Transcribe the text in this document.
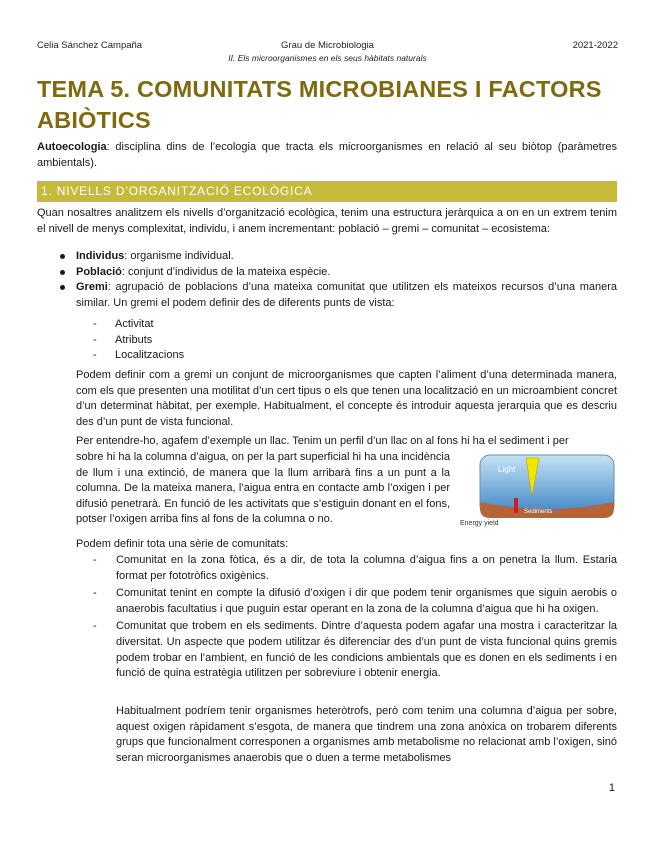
Celia Sánchez Campaña	Grau de Microbiologia	2021-2022
II. Els microorganismes en els seus hàbitats naturals
TEMA 5. COMUNITATS MICROBIANES I FACTORS ABIÒTICS
Autoecologia: disciplina dins de l’ecologia que tracta els microorganismes en relació al seu biòtop (paràmetres ambientals).
1. NIVELLS D’ORGANITZACIÓ ECOLÒGICA
Quan nosaltres analitzem els nivells d’organització ecològica, tenim una estructura jeràrquica a on en un extrem tenim el nivell de menys complexitat, individu, i anem incrementant: població – gremi – comunitat – ecosistema:
Individus: organisme individual.
Població: conjunt d’individus de la mateixa espècie.
Gremi: agrupació de poblacions d’una mateixa comunitat que utilitzen els mateixos recursos d’una manera similar. Un gremi el podem definir des de diferents punts de vista:
- Activitat
- Atributs
- Localitzacions
Podem definir com a gremi un conjunt de microorganismes que capten l’aliment d’una determinada manera, com els que presenten una motilitat d’un cert tipus o els que tenen una localització en un microambient concret d’un determinat hàbitat, per exemple. Habitualment, el concepte és introduir aquesta jerarquia que es descriu des d’un punt de vista funcional.
Per entendre-ho, agafem d’exemple un llac. Tenim un perfil d’un llac on al fons hi ha el sediment i per
sobre hi ha la columna d’aigua, on per la part superficial hi ha una incidència de llum i una extinció, de manera que la llum arribarà fins a un punt a la columna. De la mateixa manera, l’aigua entra en contacte amb l’oxigen i per difusió penetrarà. En funció de les activitats que s’estiguin donant en el fons, potser l’oxigen arriba fins al fons de la columna o no.
Light
Energy yield
Sediments
Podem definir tota una sèrie de comunitats:
- Comunitat en la zona fòtica, és a dir, de tota la columna d’aigua fins a on penetra la llum. Estaria format per fototròfics oxigènics.
- Comunitat tenint en compte la difusió d’oxigen i dir que podem tenir organismes que siguin aerobis o anaerobis facultatius i que puguin estar operant en la zona de la columna d’aigua que hi ha oxigen.
- Comunitat que trobem en els sediments. Dintre d’aquesta podem agafar una mostra i caracteritzar la diversitat. Un aspecte que podem utilitzar és diferenciar des d’un punt de vista funcional quins gremis podem trobar en l’ambient, en funció de les condicions ambientals que es donen en els sediments i en funció de quina estratègia utilitzen per sobreviure i obtenir energia.
Habitualment podríem tenir organismes heteròtrofs, però com tenim una columna d’aigua per sobre, aquest oxigen ràpidament s’esgota, de manera que tindrem una zona anòxica on trobarem diferents grups que funcionalment corresponen a organismes amb metabolisme no relacionat amb l’oxigen, sinó seran microorganismes anaerobis que o duen a terme metabolismes
1
